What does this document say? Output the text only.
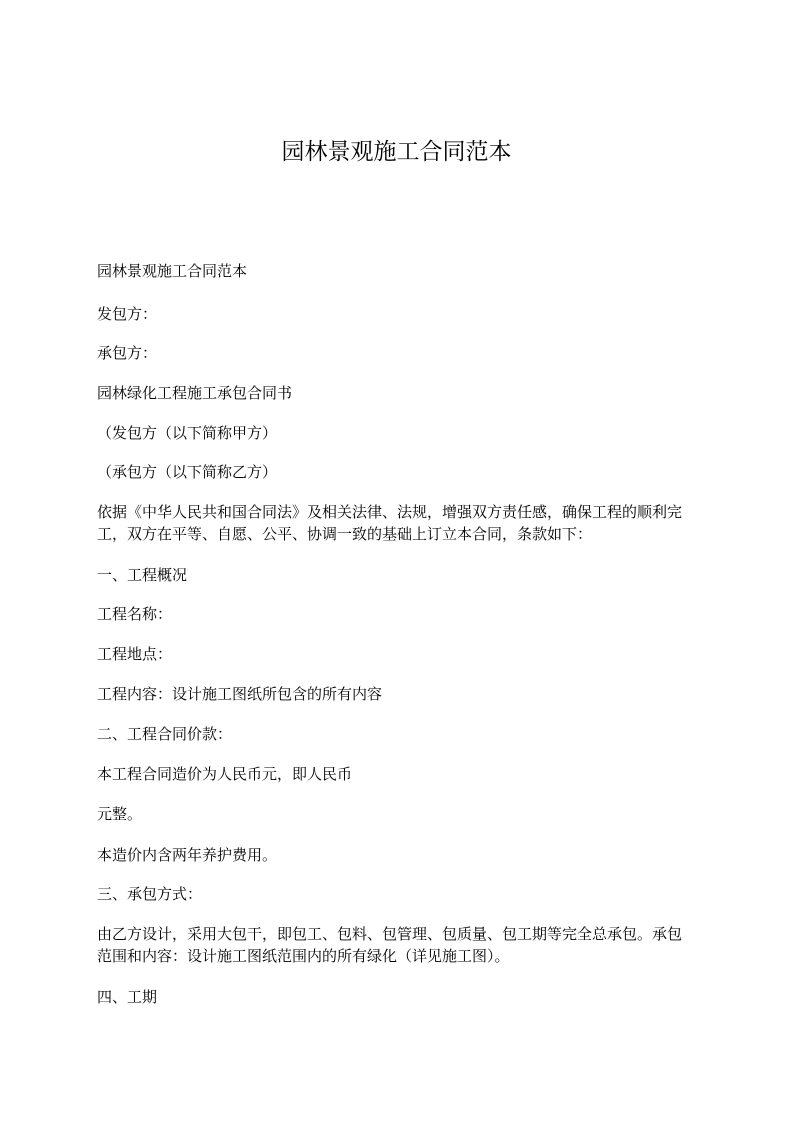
园林景观施工合同范本

园林景观施工合同范本

发包方：

承包方：

园林绿化工程施工承包合同书

（发包方（以下简称甲方）

（承包方（以下简称乙方）

依据《中华人民共和国合同法》及相关法律、法规，增强双方责任感，确保工程的顺利完工，双方在平等、自愿、公平、协调一致的基础上订立本合同，条款如下：

一、工程概况

工程名称：

工程地点：

工程内容：设计施工图纸所包含的所有内容

二、工程合同价款：

本工程合同造价为人民币元，即人民币

元整。

本造价内含两年养护费用。

三、承包方式：

由乙方设计，采用大包干，即包工、包料、包管理、包质量、包工期等完全总承包。承包范围和内容：设计施工图纸范围内的所有绿化（详见施工图）。

四、工期
